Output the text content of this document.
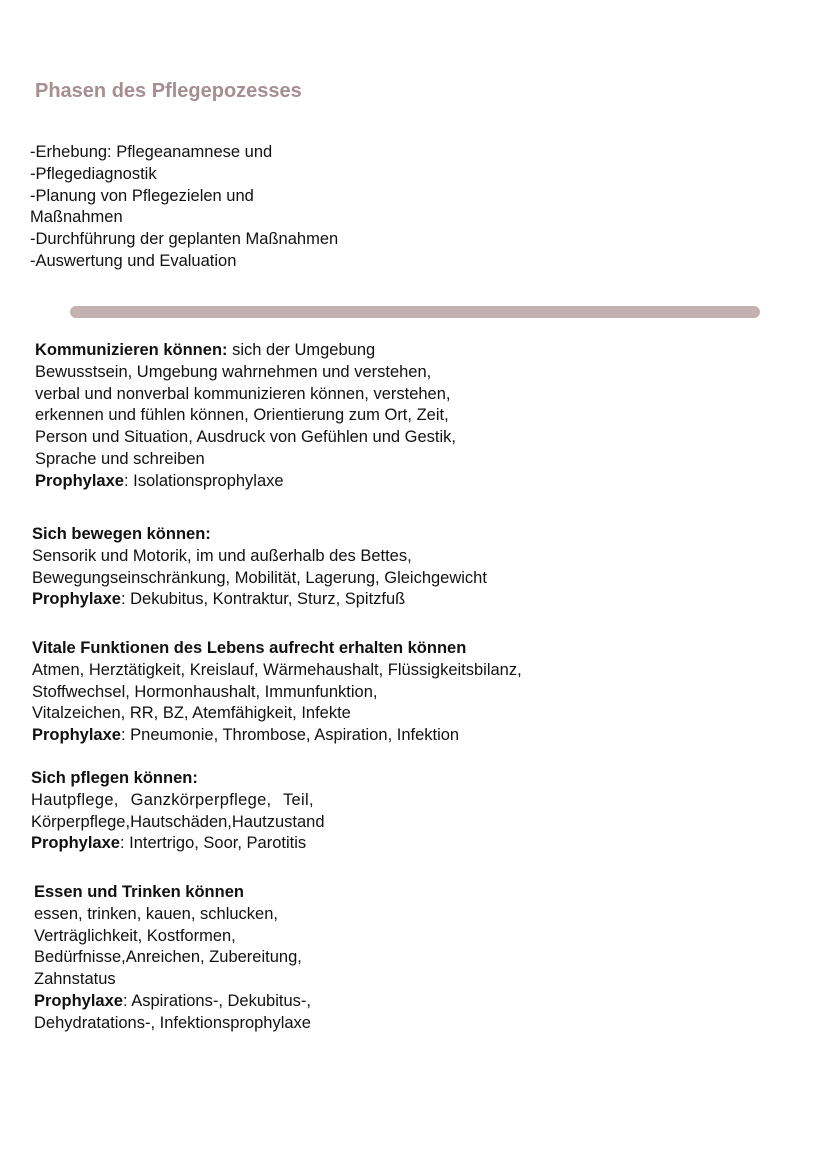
Phasen des Pflegepozesses
-Erhebung: Pflegeanamnese und
-Pflegediagnostik
-Planung von Pflegezielen und
Maßnahmen
-Durchführung der geplanten Maßnahmen
-Auswertung und Evaluation
Kommunizieren können: sich der Umgebung
Bewusstsein, Umgebung wahrnehmen und verstehen,
verbal und nonverbal kommunizieren können, verstehen,
erkennen und fühlen können, Orientierung zum Ort, Zeit,
Person und Situation, Ausdruck von Gefühlen und Gestik,
Sprache und schreiben
Prophylaxe: Isolationsprophylaxe
Sich bewegen können:
Sensorik und Motorik, im und außerhalb des Bettes,
Bewegungseinschränkung, Mobilität, Lagerung, Gleichgewicht
Prophylaxe: Dekubitus, Kontraktur, Sturz, Spitzfuß
Vitale Funktionen des Lebens aufrecht erhalten können
Atmen, Herztätigkeit, Kreislauf, Wärmehaushalt, Flüssigkeitsbilanz,
Stoffwechsel, Hormonhaushalt, Immunfunktion,
Vitalzeichen, RR, BZ, Atemfähigkeit, Infekte
Prophylaxe: Pneumonie, Thrombose, Aspiration, Infektion
Sich pflegen können:
Hautpflege, Ganzkörperpflege, Teil,
Körperpflege,Hautschäden,Hautzustand
Prophylaxe: Intertrigo, Soor, Parotitis
Essen und Trinken können
essen, trinken, kauen, schlucken,
Verträglichkeit, Kostformen,
Bedürfnisse,Anreichen, Zubereitung,
Zahnstatus
Prophylaxe: Aspirations-, Dekubitus-,
Dehydratations-, Infektionsprophylaxe
